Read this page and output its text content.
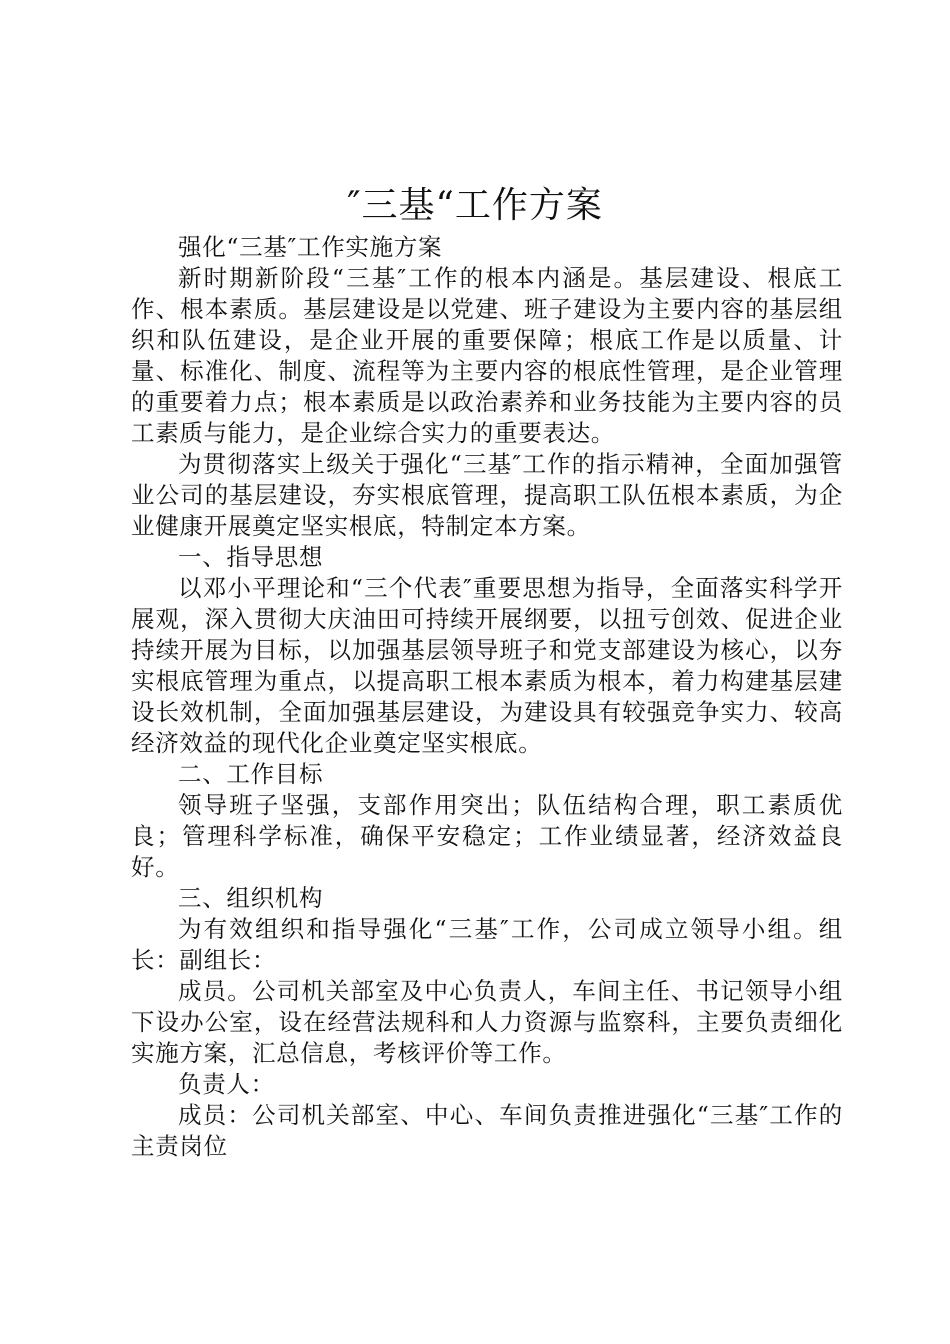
″三基“工作方案

强化“三基″工作实施方案

新时期新阶段“三基″工作的根本内涵是。基层建设、根底工作、根本素质。基层建设是以党建、班子建设为主要内容的基层组织和队伍建设，是企业开展的重要保障；根底工作是以质量、计量、标准化、制度、流程等为主要内容的根底性管理，是企业管理的重要着力点；根本素质是以政治素养和业务技能为主要内容的员工素质与能力，是企业综合实力的重要表达。

为贯彻落实上级关于强化“三基″工作的指示精神，全面加强管业公司的基层建设，夯实根底管理，提高职工队伍根本素质，为企业健康开展奠定坚实根底，特制定本方案。

一、指导思想

以邓小平理论和“三个代表″重要思想为指导，全面落实科学开展观，深入贯彻大庆油田可持续开展纲要，以扭亏创效、促进企业持续开展为目标，以加强基层领导班子和党支部建设为核心，以夯实根底管理为重点，以提高职工根本素质为根本，着力构建基层建设长效机制，全面加强基层建设，为建设具有较强竞争实力、较高经济效益的现代化企业奠定坚实根底。

二、工作目标

领导班子坚强，支部作用突出；队伍结构合理，职工素质优良；管理科学标准，确保平安稳定；工作业绩显著，经济效益良好。

三、组织机构

为有效组织和指导强化“三基″工作，公司成立领导小组。组长：副组长：

成员。公司机关部室及中心负责人，车间主任、书记领导小组下设办公室，设在经营法规科和人力资源与监察科，主要负责细化实施方案，汇总信息，考核评价等工作。

负责人：

成员：公司机关部室、中心、车间负责推进强化“三基″工作的主责岗位
